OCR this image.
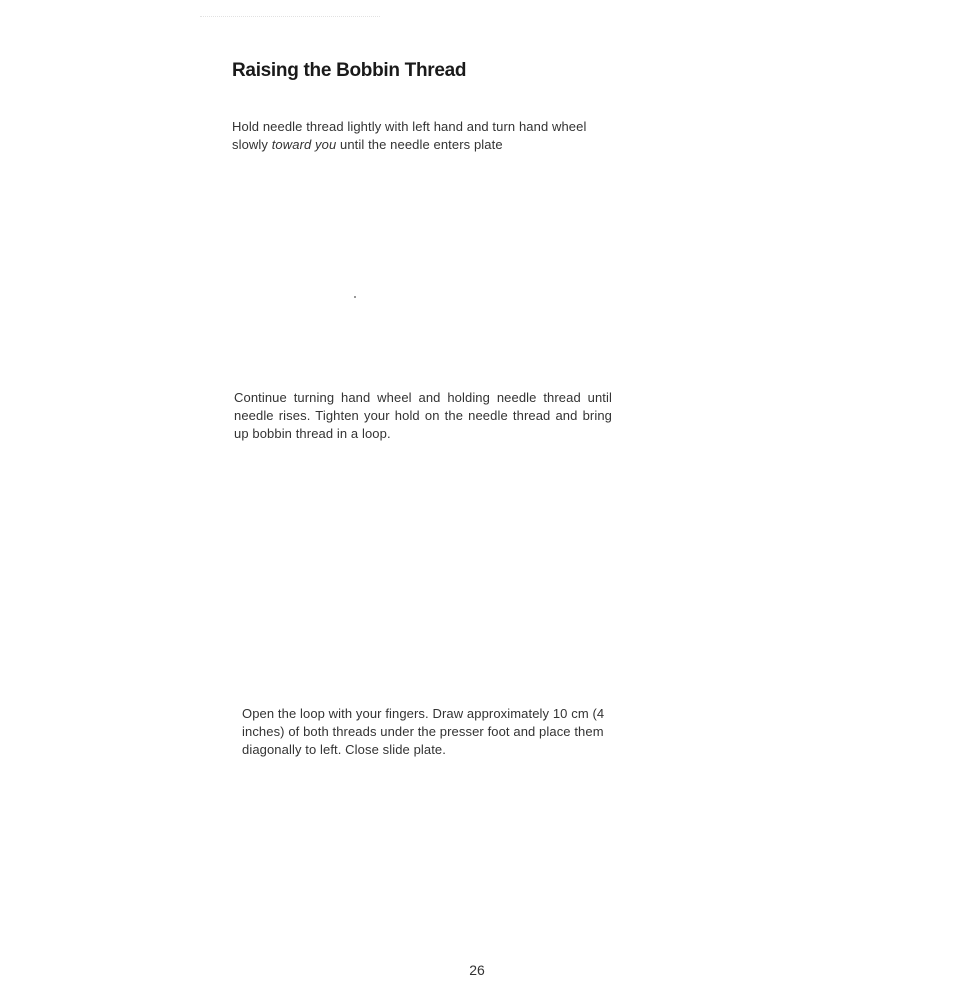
Raising the Bobbin Thread

Hold needle thread lightly with left hand and turn hand wheel slowly toward you until the needle enters plate

Continue turning hand wheel and holding needle thread until needle rises. Tighten your hold on the needle thread and bring up bobbin thread in a loop.

Open the loop with your fingers. Draw approximately 10 cm (4 inches) of both threads under the presser foot and place them diagonally to left. Close slide plate.

26
